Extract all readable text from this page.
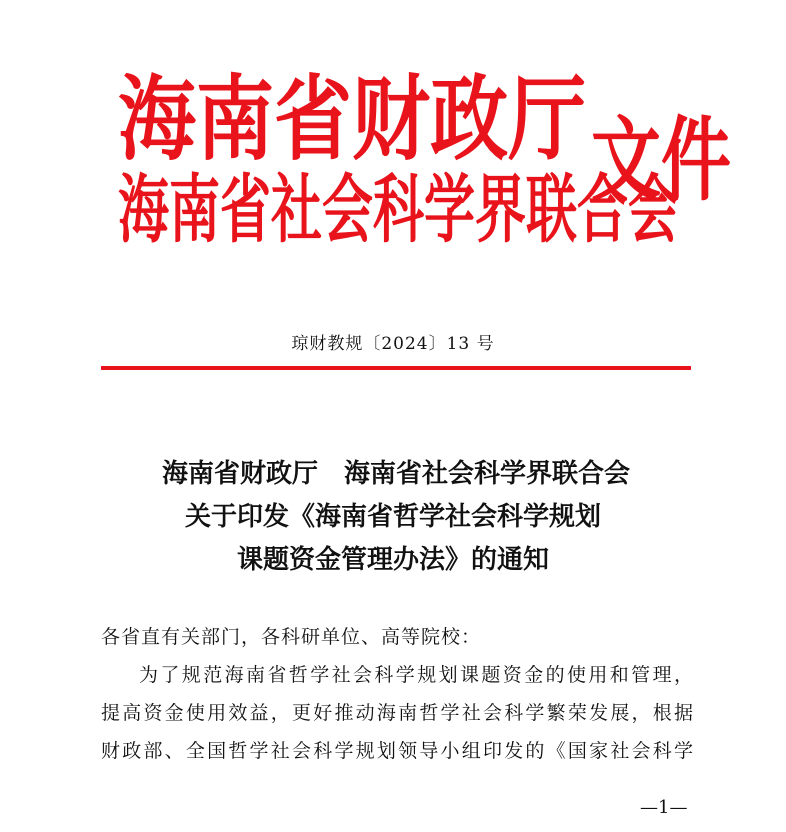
海 南 省 财 政 厅
海南省社会科学界联合会
文件
琼财教规〔2024〕13 号
海南省财政厅 海南省社会科学界联合会
关于印发《海南省哲学社会科学规划
课题资金管理办法》的通知
各省直有关部门，各科研单位、高等院校：
为了规范海南省哲学社会科学规划课题资金的使用和管理，
提高资金使用效益，更好推动海南哲学社会科学繁荣发展，根据
财政部、全国哲学社会科学规划领导小组印发的《国家社会科学
—1—
